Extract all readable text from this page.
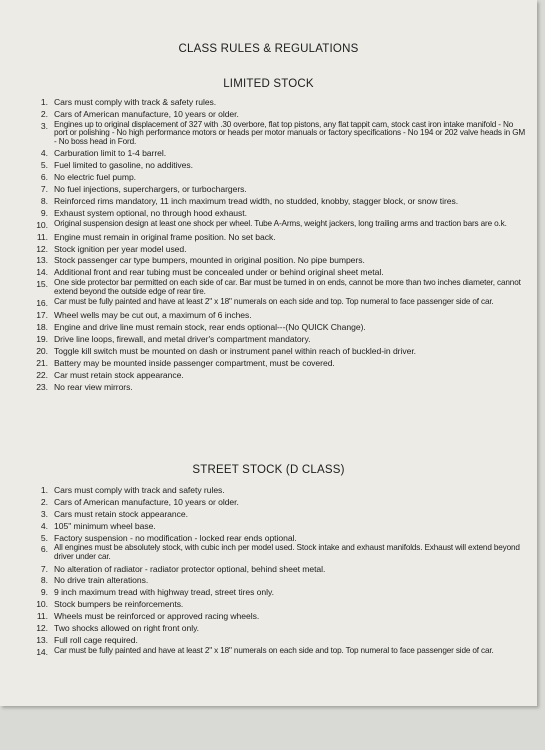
CLASS RULES & REGULATIONS
LIMITED STOCK
1. Cars must comply with track & safety rules.
2. Cars of American manufacture, 10 years or older.
3. Engines up to original displacement of 327 with .30 overbore, flat top pistons, any flat tappit cam, stock cast iron intake manifold - No port or polishing - No high performance motors or heads per motor manuals or factory specifications - No 194 or 202 valve heads in GM - No boss head in Ford.
4. Carburation limit to 1-4 barrel.
5. Fuel limited to gasoline, no additives.
6. No electric fuel pump.
7. No fuel injections, superchargers, or turbochargers.
8. Reinforced rims mandatory, 11 inch maximum tread width, no studded, knobby, stagger block, or snow tires.
9. Exhaust system optional, no through hood exhaust.
10. Original suspension design at least one shock per wheel. Tube A-Arms, weight jackers, long trailing arms and traction bars are o.k.
11. Engine must remain in original frame position. No set back.
12. Stock ignition per year model used.
13. Stock passenger car type bumpers, mounted in original position. No pipe bumpers.
14. Additional front and rear tubing must be concealed under or behind original sheet metal.
15. One side protector bar permitted on each side of car. Bar must be turned in on ends, cannot be more than two inches diameter, cannot extend beyond the outside edge of rear tire.
16. Car must be fully painted and have at least 2" x 18" numerals on each side and top. Top numeral to face passenger side of car.
17. Wheel wells may be cut out, a maximum of 6 inches.
18. Engine and drive line must remain stock, rear ends optional---(No QUICK Change).
19. Drive line loops, firewall, and metal driver's compartment mandatory.
20. Toggle kill switch must be mounted on dash or instrument panel within reach of buckled-in driver.
21. Battery may be mounted inside passenger compartment, must be covered.
22. Car must retain stock appearance.
23. No rear view mirrors.
STREET STOCK (D CLASS)
1. Cars must comply with track and safety rules.
2. Cars of American manufacture, 10 years or older.
3. Cars must retain stock appearance.
4. 105" minimum wheel base.
5. Factory suspension - no modification - locked rear ends optional.
6. All engines must be absolutely stock, with cubic inch per model used. Stock intake and exhaust manifolds. Exhaust will extend beyond driver under car.
7. No alteration of radiator - radiator protector optional, behind sheet metal.
8. No drive train alterations.
9. 9 inch maximum tread with highway tread, street tires only.
10. Stock bumpers be reinforcements.
11. Wheels must be reinforced or approved racing wheels.
12. Two shocks allowed on right front only.
13. Full roll cage required.
14. Car must be fully painted and have at least 2" x 18" numerals on each side and top. Top numeral to face passenger side of car.
